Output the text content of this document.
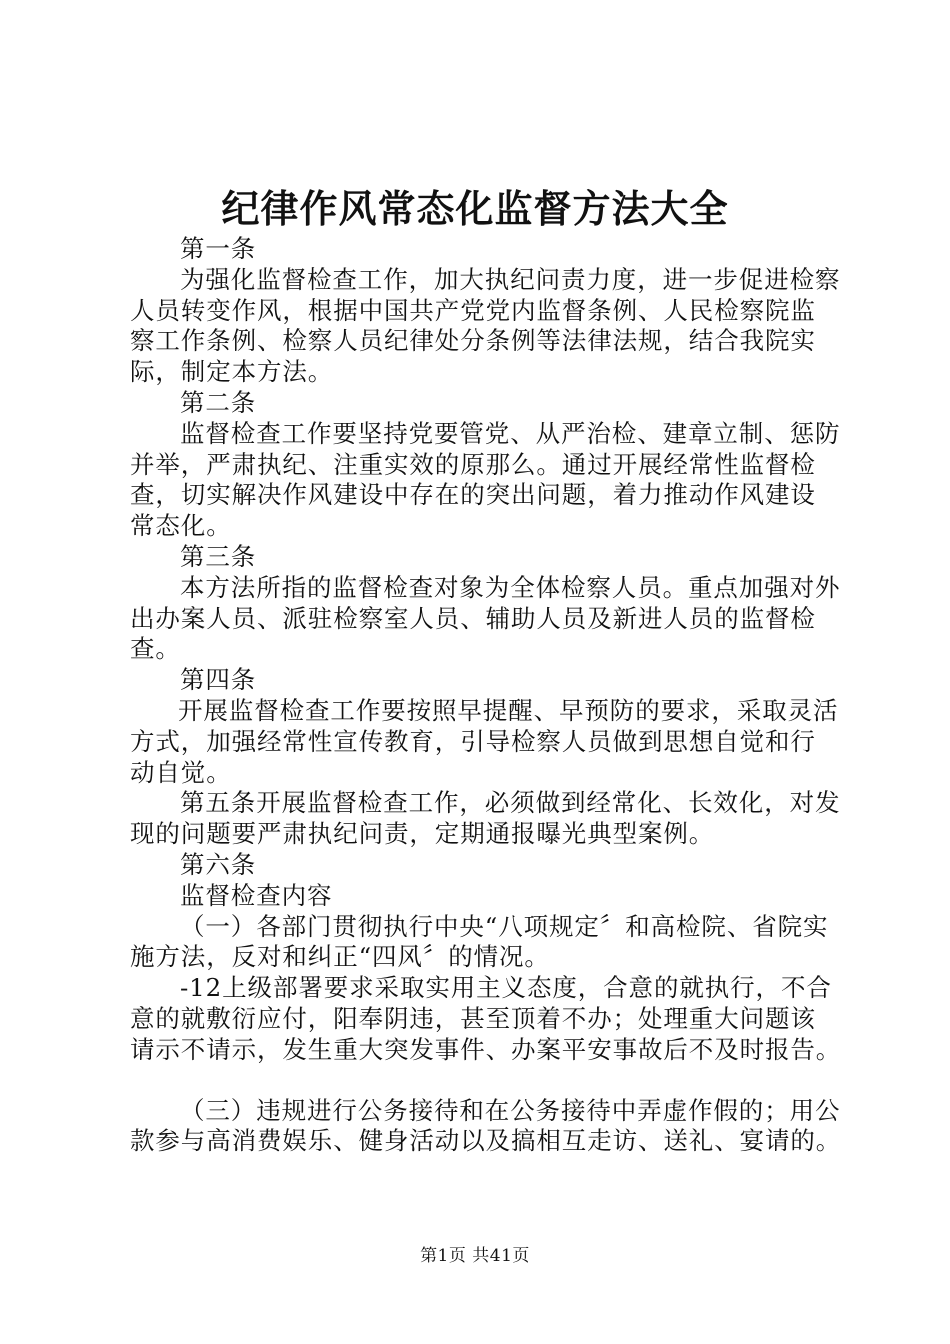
纪律作风常态化监督方法大全
第一条
为强化监督检查工作，加大执纪问责力度，进一步促进检察
人员转变作风，根据中国共产党党内监督条例、人民检察院监
察工作条例、检察人员纪律处分条例等法律法规，结合我院实
际，制定本方法。
第二条
监督检查工作要坚持党要管党、从严治检、建章立制、惩防
并举，严肃执纪、注重实效的原那么。通过开展经常性监督检
查，切实解决作风建设中存在的突出问题，着力推动作风建设
常态化。
第三条
本方法所指的监督检查对象为全体检察人员。重点加强对外
出办案人员、派驻检察室人员、辅助人员及新进人员的监督检
查。
第四条
开展监督检查工作要按照早提醒、早预防的要求，采取灵活
方式，加强经常性宣传教育，引导检察人员做到思想自觉和行
动自觉。
第五条开展监督检查工作，必须做到经常化、长效化，对发
现的问题要严肃执纪问责，定期通报曝光典型案例。
第六条
监督检查内容
（一）各部门贯彻执行中央“八项规定〞和高检院、省院实
施方法，反对和纠正“四风〞的情况。
-12上级部署要求采取实用主义态度，合意的就执行，不合
意的就敷衍应付，阳奉阴违，甚至顶着不办；处理重大问题该
请示不请示，发生重大突发事件、办案平安事故后不及时报告。
（三）违规进行公务接待和在公务接待中弄虚作假的；用公
款参与高消费娱乐、健身活动以及搞相互走访、送礼、宴请的。
第1页 共41页
